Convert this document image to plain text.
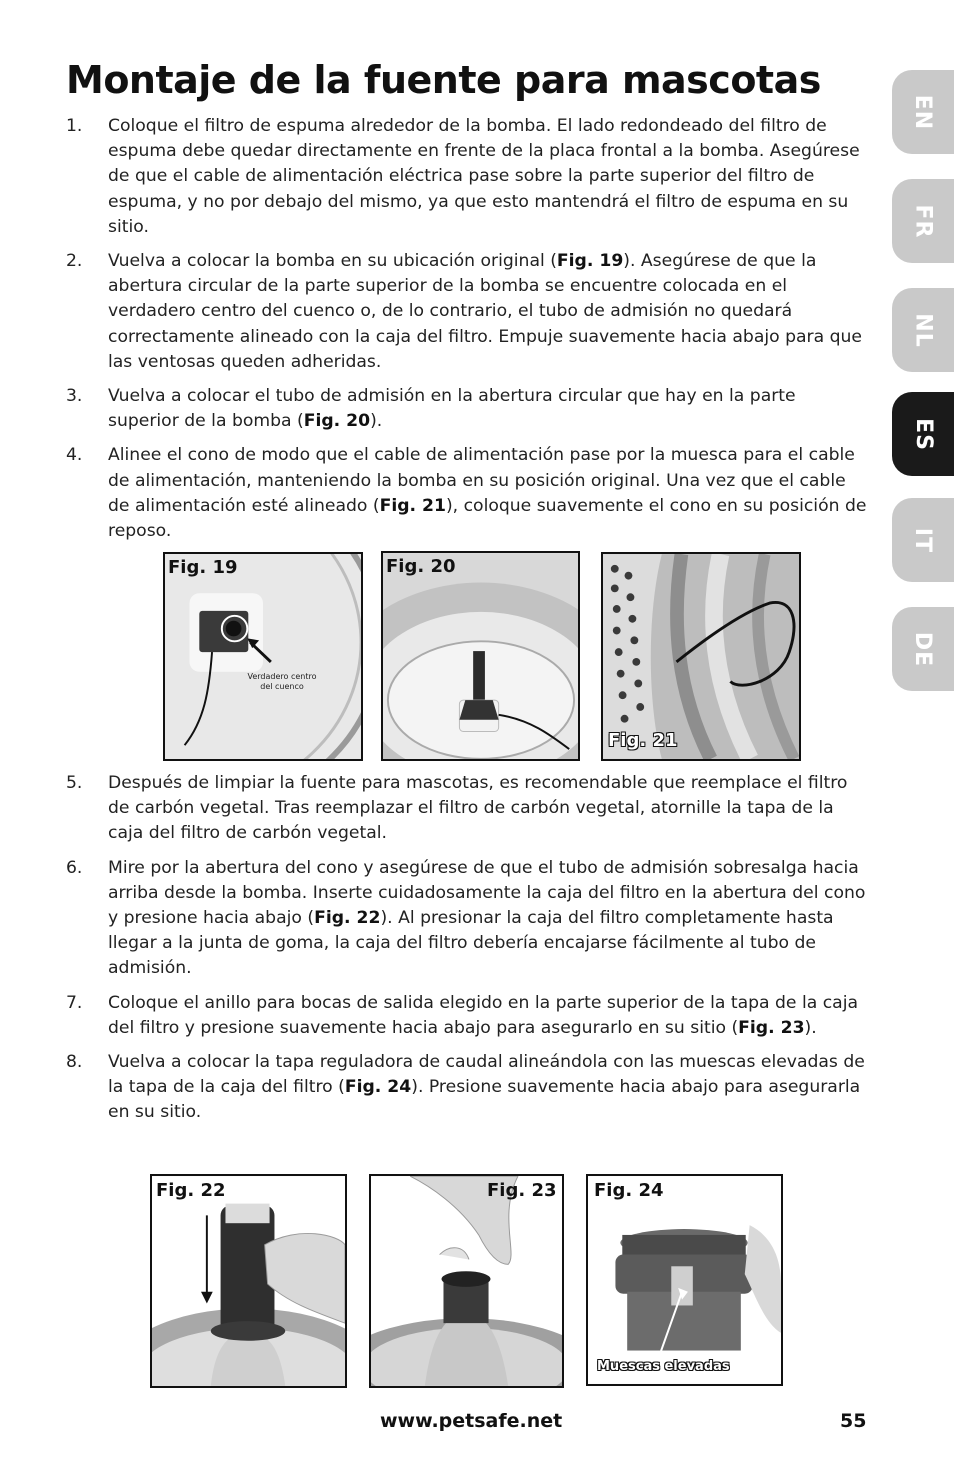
Montaje de la fuente para mascotas
EN
FR
NL
ES
IT
DE
1. Coloque el filtro de espuma alrededor de la bomba. El lado redondeado del filtro de espuma debe quedar directamente en frente de la placa frontal a la bomba. Asegúrese de que el cable de alimentación eléctrica pase sobre la parte superior del filtro de espuma, y no por debajo del mismo, ya que esto mantendrá el filtro de espuma en su sitio.
2. Vuelva a colocar la bomba en su ubicación original (Fig. 19). Asegúrese de que la abertura circular de la parte superior de la bomba se encuentre colocada en el verdadero centro del cuenco o, de lo contrario, el tubo de admisión no quedará correctamente alineado con la caja del filtro. Empuje suavemente hacia abajo para que las ventosas queden adheridas.
3. Vuelva a colocar el tubo de admisión en la abertura circular que hay en la parte superior de la bomba (Fig. 20).
4. Alinee el cono de modo que el cable de alimentación pase por la muesca para el cable de alimentación, manteniendo la bomba en su posición original. Una vez que el cable de alimentación esté alineado (Fig. 21), coloque suavemente el cono en su posición de reposo.
Fig. 19
Verdadero centro
del cuenco
Fig. 20
Fig. 21
5. Después de limpiar la fuente para mascotas, es recomendable que reemplace el filtro de carbón vegetal. Tras reemplazar el filtro de carbón vegetal, atornille la tapa de la caja del filtro de carbón vegetal.
6. Mire por la abertura del cono y asegúrese de que el tubo de admisión sobresalga hacia arriba desde la bomba. Inserte cuidadosamente la caja del filtro en la abertura del cono y presione hacia abajo (Fig. 22). Al presionar la caja del filtro completamente hasta llegar a la junta de goma, la caja del filtro debería encajarse fácilmente al tubo de admisión.
7. Coloque el anillo para bocas de salida elegido en la parte superior de la tapa de la caja del filtro y presione suavemente hacia abajo para asegurarlo en su sitio (Fig. 23).
8. Vuelva a colocar la tapa reguladora de caudal alineándola con las muescas elevadas de la tapa de la caja del filtro (Fig. 24). Presione suavemente hacia abajo para asegurarla en su sitio.
Fig. 22	Fig. 23 Fig. 24
Muescas elevadas
www.petsafe.net	55
